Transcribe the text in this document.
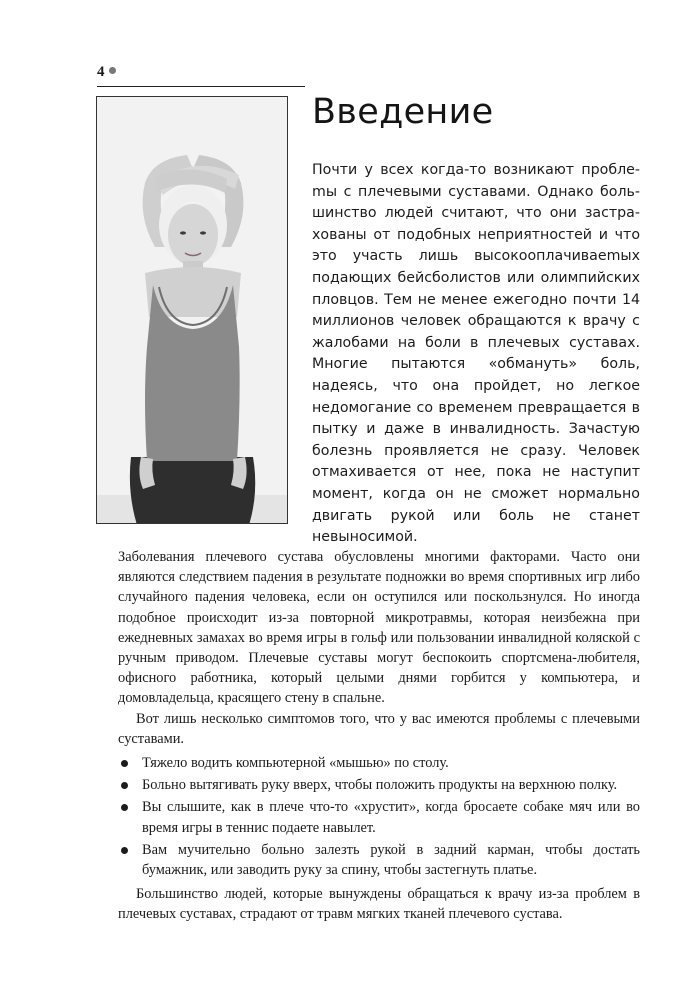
4
Введение

Почти у всех когда-то возникают проблеmы с плечевыми суставами. Однако большинство людей считают, что они застрахованы от подобных неприятностей и что это участь лишь высокооплачиваеmых подающих бейсболистов или олимпийских пловцов. Тем не менее ежегодно почти 14 миллионов человек обращаются к врачу с жалобами на боли в плечевых суставах. Многие пытаются «обмануть» боль, надеясь, что она пройдет, но легкое недомогание со временем превращается в пытку и даже в инвалидность. Зачастую болезнь проявляется не сразу. Человек отмахивается от нее, пока не наступит момент, когда он не сможет нормально двигать рукой или боль не станет невыносимой.

Заболевания плечевого сустава обусловлены многими факторами. Часто они являются следствием падения в результате подножки во время спортивных игр либо случайного падения человека, если он оступился или поскользнулся. Но иногда подобное происходит из-за повторной микротравмы, которая неизбежна при ежедневных замахах во время игры в гольф или пользовании инвалидной коляской с ручным приводом. Плечевые суставы могут беспокоить спортсмена-любителя, офисного работника, который целыми днями горбится у компьютера, и домовладельца, красящего стену в спальне.

Вот лишь несколько симптомов того, что у вас имеются проблемы с плечевыми суставами.

Тяжело водить компьютерной «мышью» по столу.
Больно вытягивать руку вверх, чтобы положить продукты на верхнюю полку.
Вы слышите, как в плече что-то «хрустит», когда бросаете собаке мяч или во время игры в теннис подаете навылет.
Вам мучительно больно залезть рукой в задний карман, чтобы достать бумажник, или заводить руку за спину, чтобы застегнуть платье.

Большинство людей, которые вынуждены обращаться к врачу из-за проблем в плечевых суставах, страдают от травм мягких тканей плечевого сустава.
